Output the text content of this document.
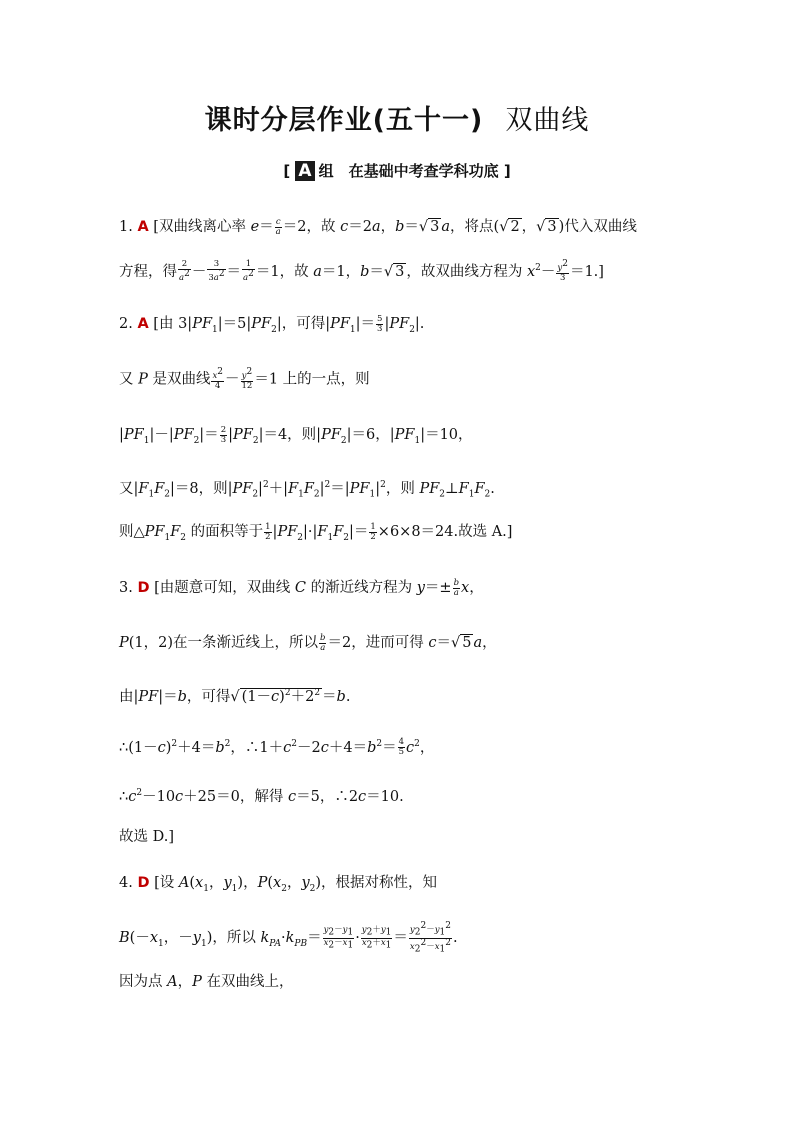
课时分层作业(五十一) 双曲线
[ A 组　在基础中考查学科功底 ]
1. A [双曲线离心率 $e= \frac{c}{a} =2$，故 c＝2a，b＝√ 3 a，将点(√ 2 ，√ 3 )代入双曲线
方程，得 $\frac{2}{a^2} - \frac{3}{3a^2} = \frac{1}{a^2} =1$，故 a＝1，b＝√ 3 ，故双曲线方程为 $x^2- \frac{y^2}{3} =1$.]
2. A [由 $3|PF_1|=5|PF_2|$，可得$|PF_1|= \frac{5}{3} |PF_2|$.
又 P 是双曲线 $\frac{x^2}{4} - \frac{y^2}{12} =1$ 上的一点，则
$|PF_1|-|PF_2|= \frac{2}{3} |PF_2|=4$，则$|PF_2|=6$，$|PF_1|=10$，
又$|F_1F_2|=8$，则$|PF_2|^2+|F_1F_2|^2=|PF_1|^2$，则 $PF_2\perp F_1F_2$.
则$\triangle PF_1F_2$ 的面积等于 $\frac{1}{2} |PF_2|\cdot|F_1F_2|= \frac{1}{2} \times 6\times 8=24$.故选 A.]
3. D [由题意可知，双曲线 C 的渐近线方程为 $y=\pm \frac{b}{a}$ x，
P(1，2)在一条渐近线上，所以 $\frac{b}{a} =2$，进而可得 c＝√ 5 a，
由|PF|＝b，可得√ $(1-c)^2+2^2 =b$.
$\therefore(1-c)^2+4=b^2$，$\therefore 1+c^2-2c+4=b^2= \frac{4}{5} c^2$，
$\therefore c^2-10c+25=0$，解得 c＝5，∴2c＝10.
故选 D.]
4. D [设 $A(x_1$，$y_1$)，$P(x_2$，$y_2$)，根据对称性，知
$B(-x_1$，$-y_1$)，所以 $k_{PA}\cdot k_{PB}= \frac{y_2-y_1}{x_2-x_1} \cdot \frac{y_2+y_1}{x_2+x_1} = \frac{y_2^2-y_1^2}{x_2^2-x_1^2}$ .
因为点 A，P 在双曲线上，
